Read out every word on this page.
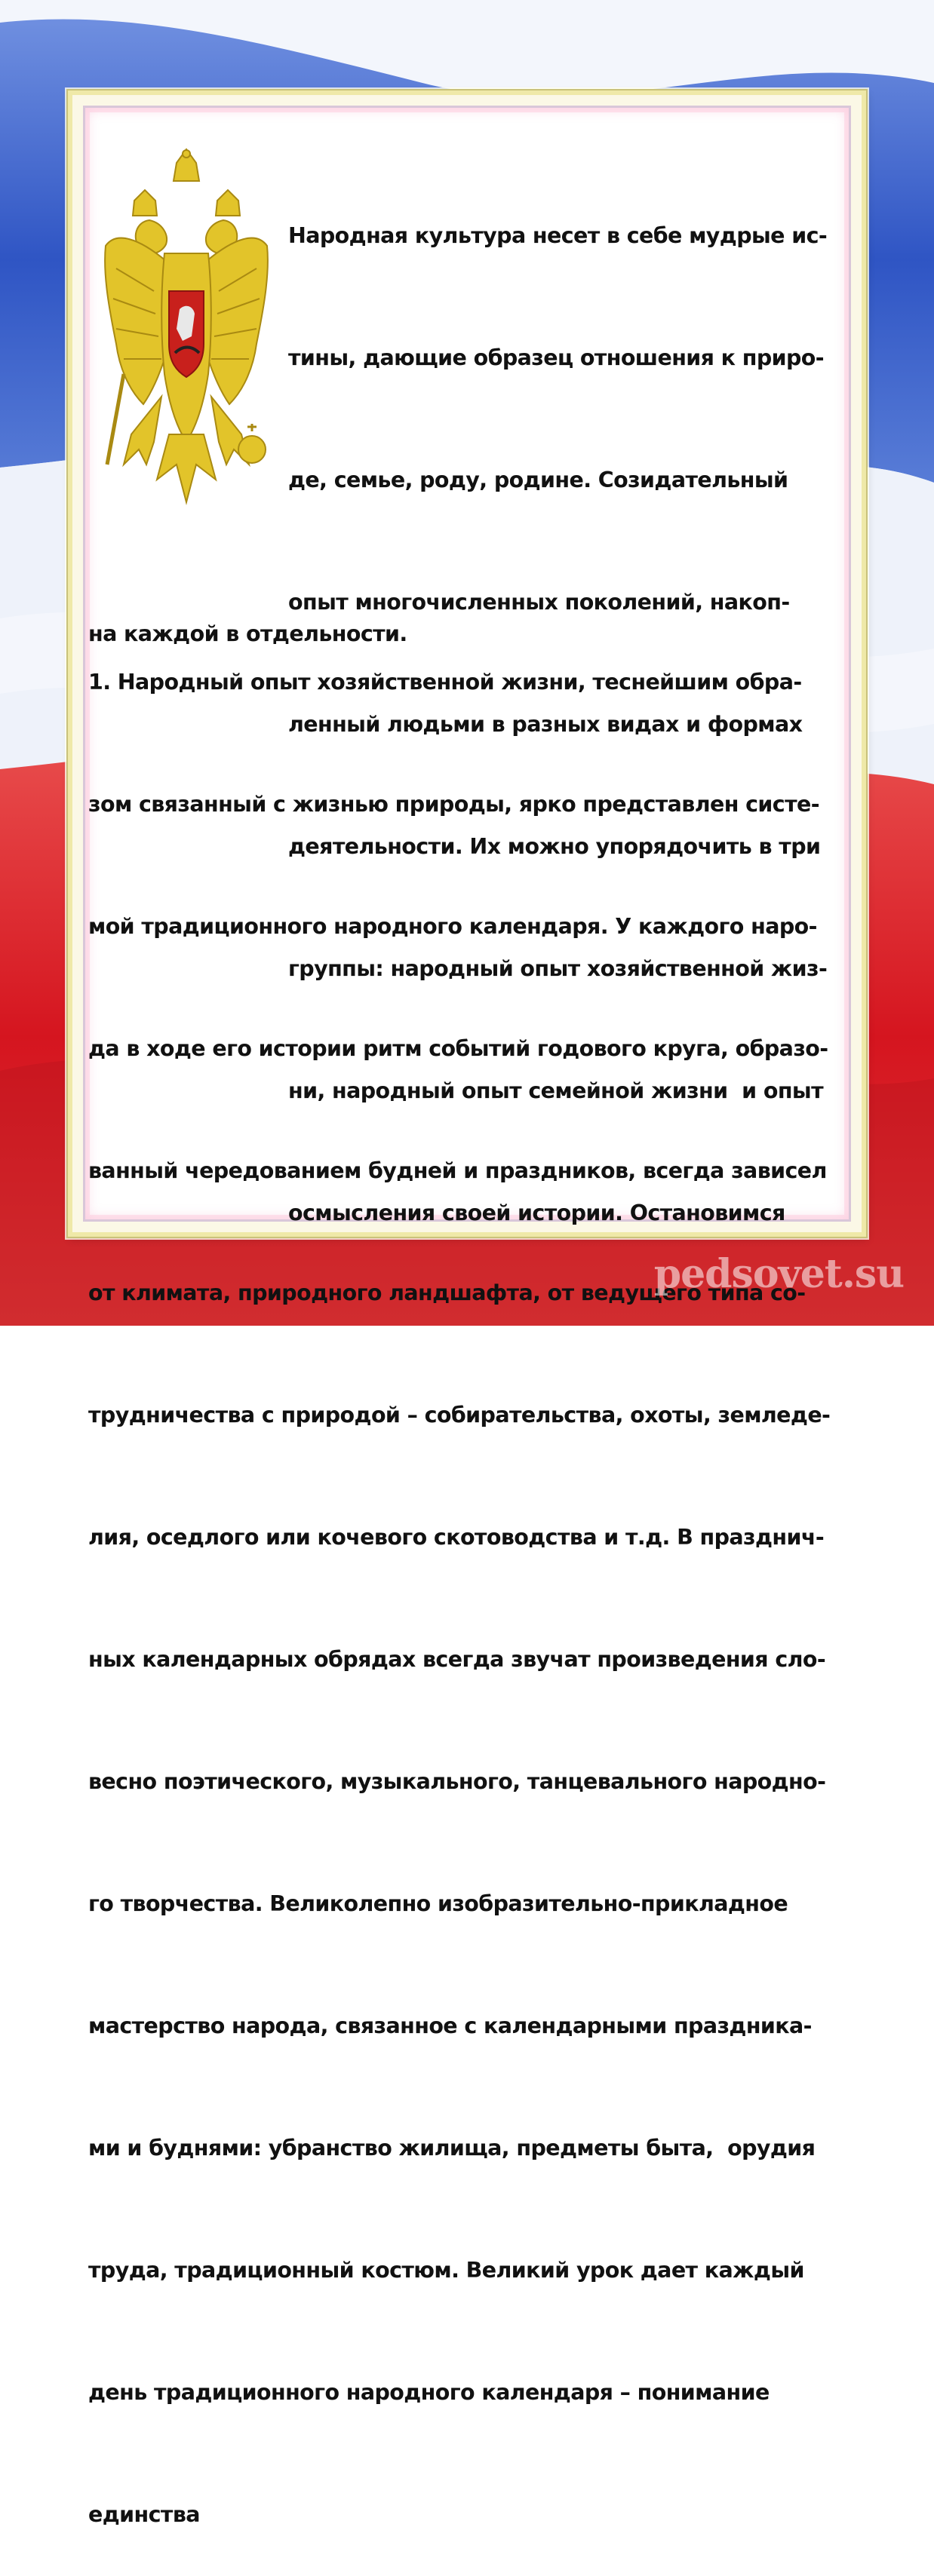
Народная культура несет в себе мудрые ис-

тины, дающие образец отношения к приро-

де, семье, роду, родине. Созидательный

опыт многочисленных поколений, накоп-

ленный людьми в разных видах и формах

деятельности. Их можно упорядочить в три

группы: народный опыт хозяйственной жиз-

ни, народный опыт семейной жизни  и опыт

осмысления своей истории. Остановимся

на каждой в отдельности.

1. Народный опыт хозяйственной жизни, теснейшим обра-

зом связанный с жизнью природы, ярко представлен систе-

мой традиционного народного календаря. У каждого наро-

да в ходе его истории ритм событий годового круга, образо-

ванный чередованием будней и праздников, всегда зависел

от климата, природного ландшафта, от ведущего типа со-

трудничества с природой – собирательства, охоты, земледе-

лия, оседлого или кочевого скотоводства и т.д. В празднич-

ных календарных обрядах всегда звучат произведения сло-

весно поэтического, музыкального, танцевального народно-

го творчества. Великолепно изобразительно-прикладное

мастерство народа, связанное с календарными праздника-

ми и буднями: убранство жилища, предметы быта,  орудия

труда, традиционный костюм. Великий урок дает каждый

день традиционного народного календаря – понимание

единства

pedsovet.su
